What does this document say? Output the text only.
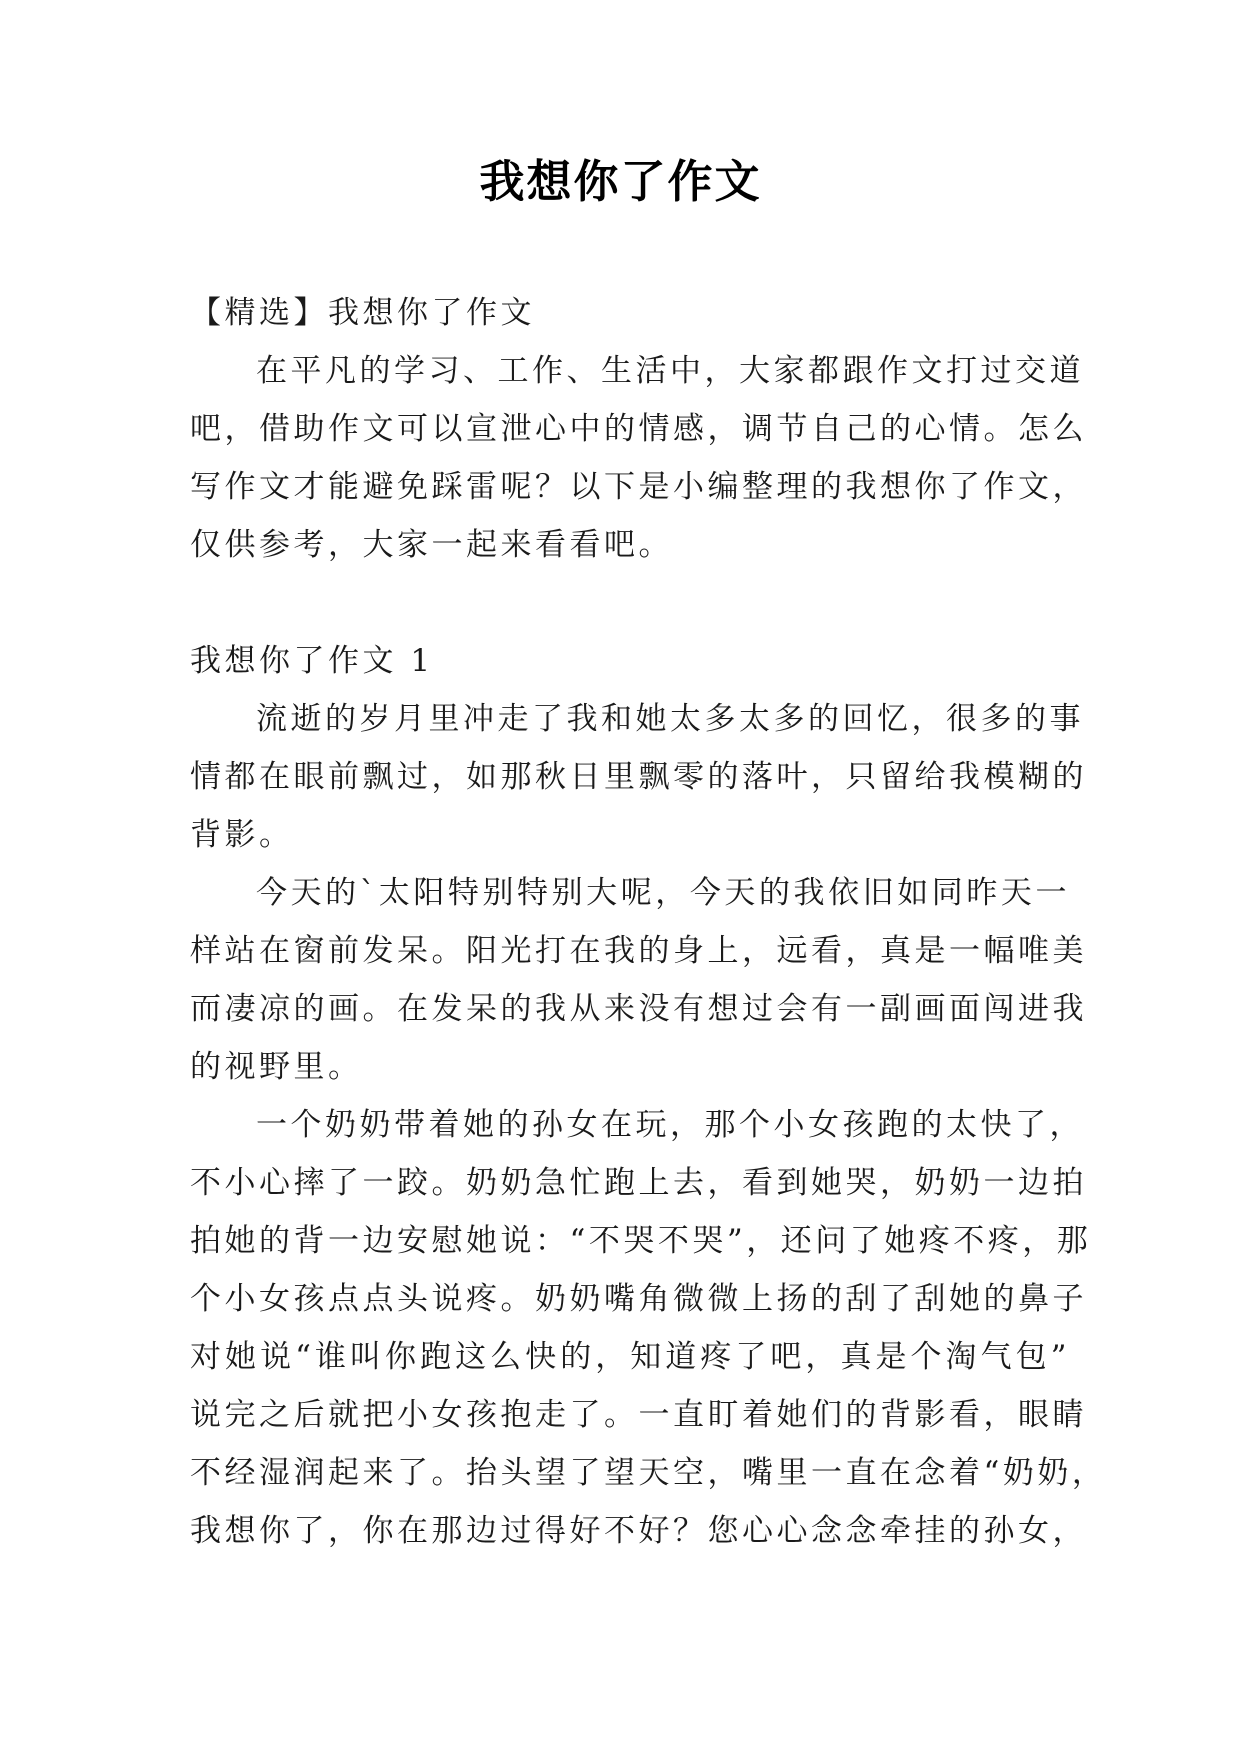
我想你了作文
【精选】我想你了作文
在平凡的学习、工作、生活中，大家都跟作文打过交道
吧，借助作文可以宣泄心中的情感，调节自己的心情。怎么
写作文才能避免踩雷呢？以下是小编整理的我想你了作文，
仅供参考，大家一起来看看吧。
我想你了作文 1
流逝的岁月里冲走了我和她太多太多的回忆，很多的事
情都在眼前飘过，如那秋日里飘零的落叶，只留给我模糊的
背影。
今天的`太阳特别特别大呢，今天的我依旧如同昨天一
样站在窗前发呆。阳光打在我的身上，远看，真是一幅唯美
而凄凉的画。在发呆的我从来没有想过会有一副画面闯进我
的视野里。
一个奶奶带着她的孙女在玩，那个小女孩跑的太快了，
不小心摔了一跤。奶奶急忙跑上去，看到她哭，奶奶一边拍
拍她的背一边安慰她说：“不哭不哭”，还问了她疼不疼，那
个小女孩点点头说疼。奶奶嘴角微微上扬的刮了刮她的鼻子
对她说“谁叫你跑这么快的，知道疼了吧，真是个淘气包”
说完之后就把小女孩抱走了。一直盯着她们的背影看，眼睛
不经湿润起来了。抬头望了望天空，嘴里一直在念着“奶奶，
我想你了，你在那边过得好不好？您心心念念牵挂的孙女，
